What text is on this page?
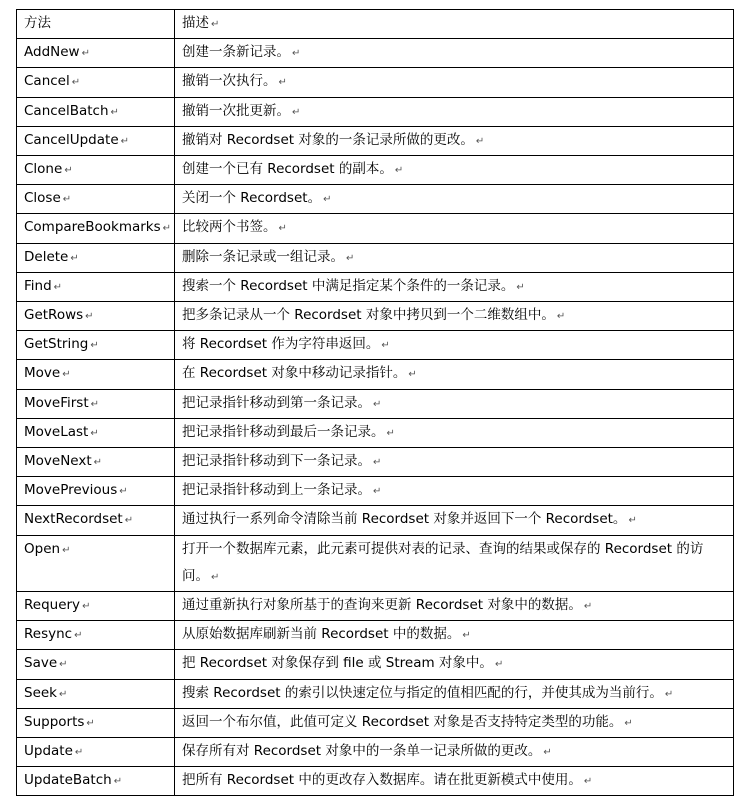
方法	描述 ↵
AddNew ↵	创建一条新记录。 ↵
Cancel ↵	撤销一次执行。 ↵
CancelBatch ↵	撤销一次批更新。 ↵
CancelUpdate ↵	撤销对 Recordset 对象的一条记录所做的更改。 ↵
Clone ↵	创建一个已有 Recordset 的副本。 ↵
Close ↵	关闭一个 Recordset。 ↵
CompareBookmarks ↵	比较两个书签。 ↵
Delete ↵	删除一条记录或一组记录。 ↵
Find ↵	搜索一个 Recordset 中满足指定某个条件的一条记录。 ↵
GetRows ↵	把多条记录从一个 Recordset 对象中拷贝到一个二维数组中。 ↵
GetString ↵	将 Recordset 作为字符串返回。 ↵
Move ↵	在 Recordset 对象中移动记录指针。 ↵
MoveFirst ↵	把记录指针移动到第一条记录。 ↵
MoveLast ↵	把记录指针移动到最后一条记录。 ↵
MoveNext ↵	把记录指针移动到下一条记录。 ↵
MovePrevious ↵	把记录指针移动到上一条记录。 ↵
NextRecordset ↵	通过执行一系列命令清除当前 Recordset 对象并返回下一个 Recordset。 ↵
Open ↵	打开一个数据库元素，此元素可提供对表的记录、查询的结果或保存的 Recordset 的访问。 ↵
Requery ↵	通过重新执行对象所基于的查询来更新 Recordset 对象中的数据。 ↵
Resync ↵	从原始数据库刷新当前 Recordset 中的数据。 ↵
Save ↵	把 Recordset 对象保存到 file 或 Stream 对象中。 ↵
Seek ↵	搜索 Recordset 的索引以快速定位与指定的值相匹配的行，并使其成为当前行。 ↵
Supports ↵	返回一个布尔值，此值可定义 Recordset 对象是否支持特定类型的功能。 ↵
Update ↵	保存所有对 Recordset 对象中的一条单一记录所做的更改。 ↵
UpdateBatch ↵	把所有 Recordset 中的更改存入数据库。请在批更新模式中使用。 ↵
